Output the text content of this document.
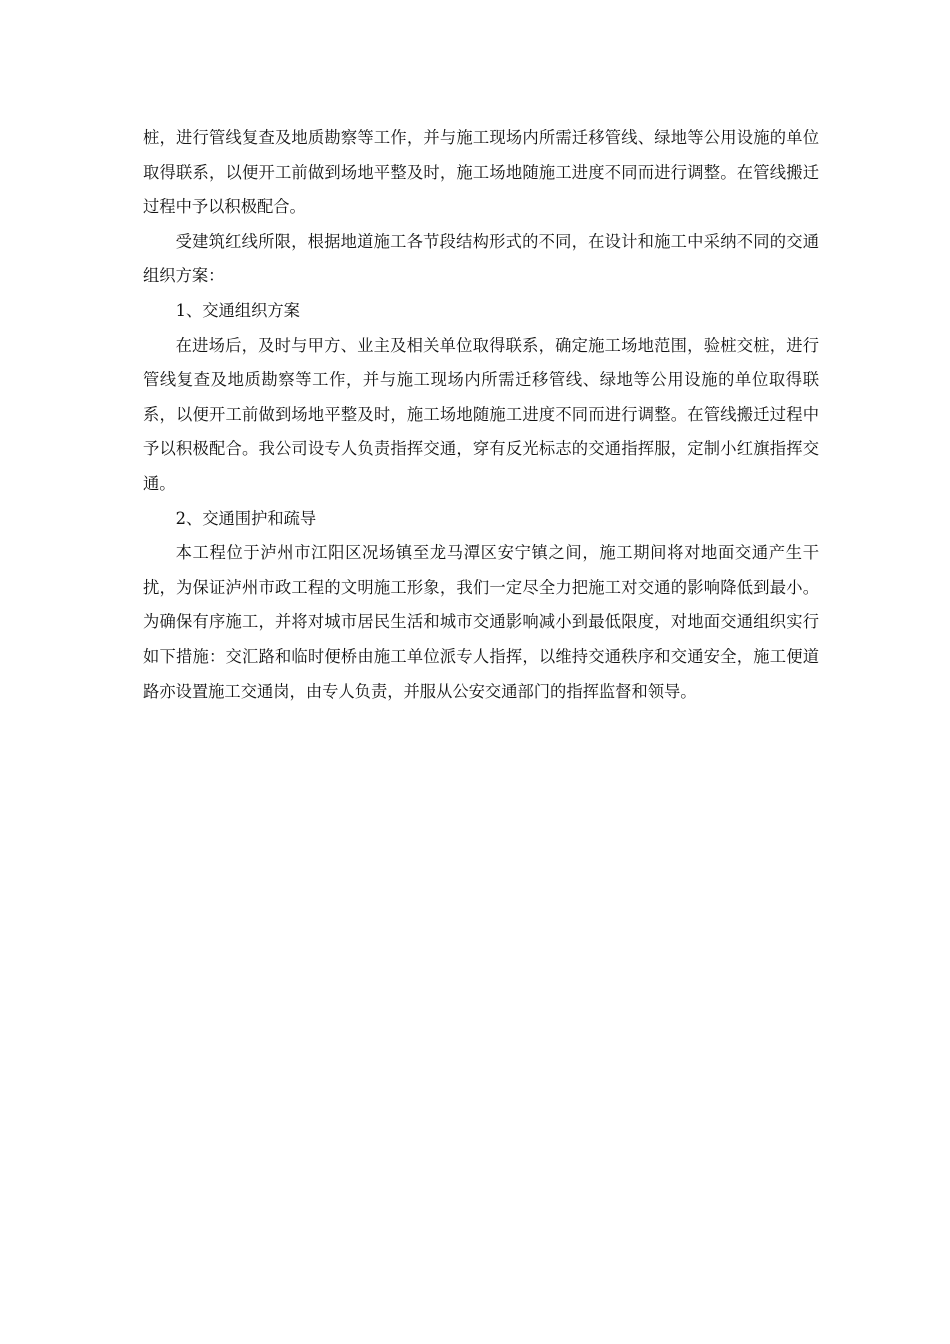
桩，进行管线复查及地质勘察等工作，并与施工现场内所需迁移管线、绿地等公用设施的单位取得联系，以便开工前做到场地平整及时，施工场地随施工进度不同而进行调整。在管线搬迁过程中予以积极配合。

受建筑红线所限，根据地道施工各节段结构形式的不同，在设计和施工中采纳不同的交通组织方案：

1、交通组织方案

在进场后，及时与甲方、业主及相关单位取得联系，确定施工场地范围，验桩交桩，进行管线复查及地质勘察等工作，并与施工现场内所需迁移管线、绿地等公用设施的单位取得联系，以便开工前做到场地平整及时，施工场地随施工进度不同而进行调整。在管线搬迁过程中予以积极配合。我公司设专人负责指挥交通，穿有反光标志的交通指挥服，定制小红旗指挥交通。

2、交通围护和疏导

本工程位于泸州市江阳区况场镇至龙马潭区安宁镇之间，施工期间将对地面交通产生干扰，为保证泸州市政工程的文明施工形象，我们一定尽全力把施工对交通的影响降低到最小。为确保有序施工，并将对城市居民生活和城市交通影响减小到最低限度，对地面交通组织实行如下措施：交汇路和临时便桥由施工单位派专人指挥，以维持交通秩序和交通安全，施工便道路亦设置施工交通岗，由专人负责，并服从公安交通部门的指挥监督和领导。
